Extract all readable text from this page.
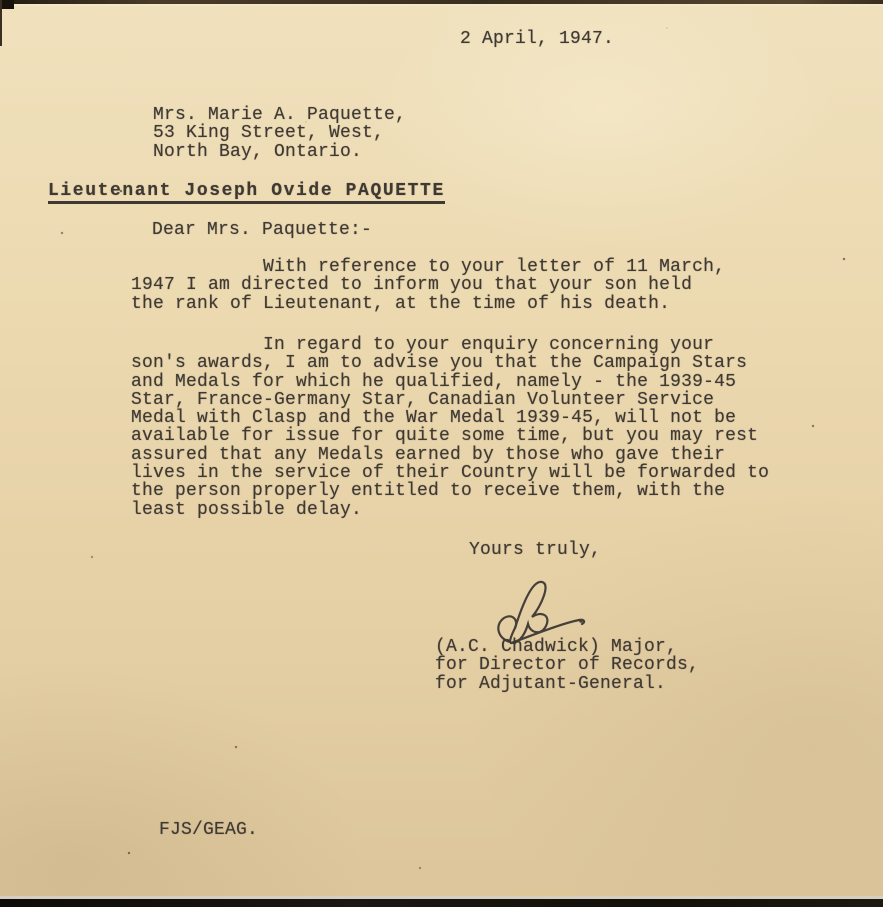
2 April, 1947.
Mrs. Marie A. Paquette,
53 King Street, West,
North Bay, Ontario.
Lieutenant Joseph Ovide PAQUETTE
Dear Mrs. Paquette:-
With reference to your letter of 11 March,
1947 I am directed to inform you that your son held
the rank of Lieutenant, at the time of his death.
In regard to your enquiry concerning your
son's awards, I am to advise you that the Campaign Stars
and Medals for which he qualified, namely - the 1939-45
Star, France-Germany Star, Canadian Volunteer Service
Medal with Clasp and the War Medal 1939-45, will not be
available for issue for quite some time, but you may rest
assured that any Medals earned by those who gave their
lives in the service of their Country will be forwarded to
the person properly entitled to receive them, with the
least possible delay.
Yours truly,
(A.C. Chadwick) Major,
for Director of Records,
for Adjutant-General.
FJS/GEAG.
